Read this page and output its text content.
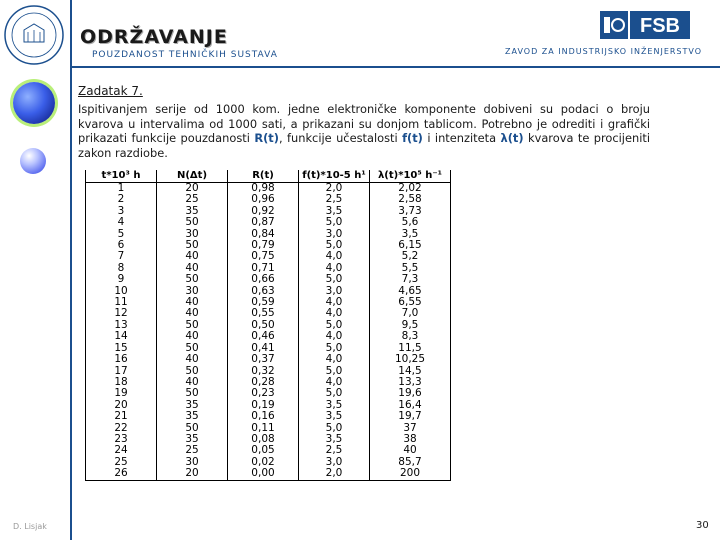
ODRŽAVANJE
POUZDANOST TEHNIČKIH SUSTAVA	ZAVOD ZA INDUSTRIJSKO INŽENJERSTVO
FSB
Zadatak 7.
Ispitivanjem serije od 1000 kom. jedne elektroničke komponente dobiveni su podaci o broju kvarova u intervalima od 1000 sati, a prikazani su donjom tablicom. Potrebno je odrediti i grafički prikazati funkcije pouzdanosti R(t), funkcije učestalosti f(t) i intenziteta λ(t) kvarova te procijeniti zakon razdiobe.
t*10³ h	N(Δt)	R(t)	f(t)*10-5 h¹	λ(t)*10⁵ h⁻¹
1	20	0,98	2,0	2,02
2	25	0,96	2,5	2,58
3	35	0,92	3,5	3,73
4	50	0,87	5,0	5,6
5	30	0,84	3,0	3,5
6	50	0,79	5,0	6,15
7	40	0,75	4,0	5,2
8	40	0,71	4,0	5,5
9	50	0,66	5,0	7,3
10	30	0,63	3,0	4,65
11	40	0,59	4,0	6,55
12	40	0,55	4,0	7,0
13	50	0,50	5,0	9,5
14	40	0,46	4,0	8,3
15	50	0,41	5,0	11,5
16	40	0,37	4,0	10,25
17	50	0,32	5,0	14,5
18	40	0,28	4,0	13,3
19	50	0,23	5,0	19,6
20	35	0,19	3,5	16,4
21	35	0,16	3,5	19,7
22	50	0,11	5,0	37
23	35	0,08	3,5	38
24	25	0,05	2,5	40
25	30	0,02	3,0	85,7
26	20	0,00	2,0	200
D. Lisjak	30
